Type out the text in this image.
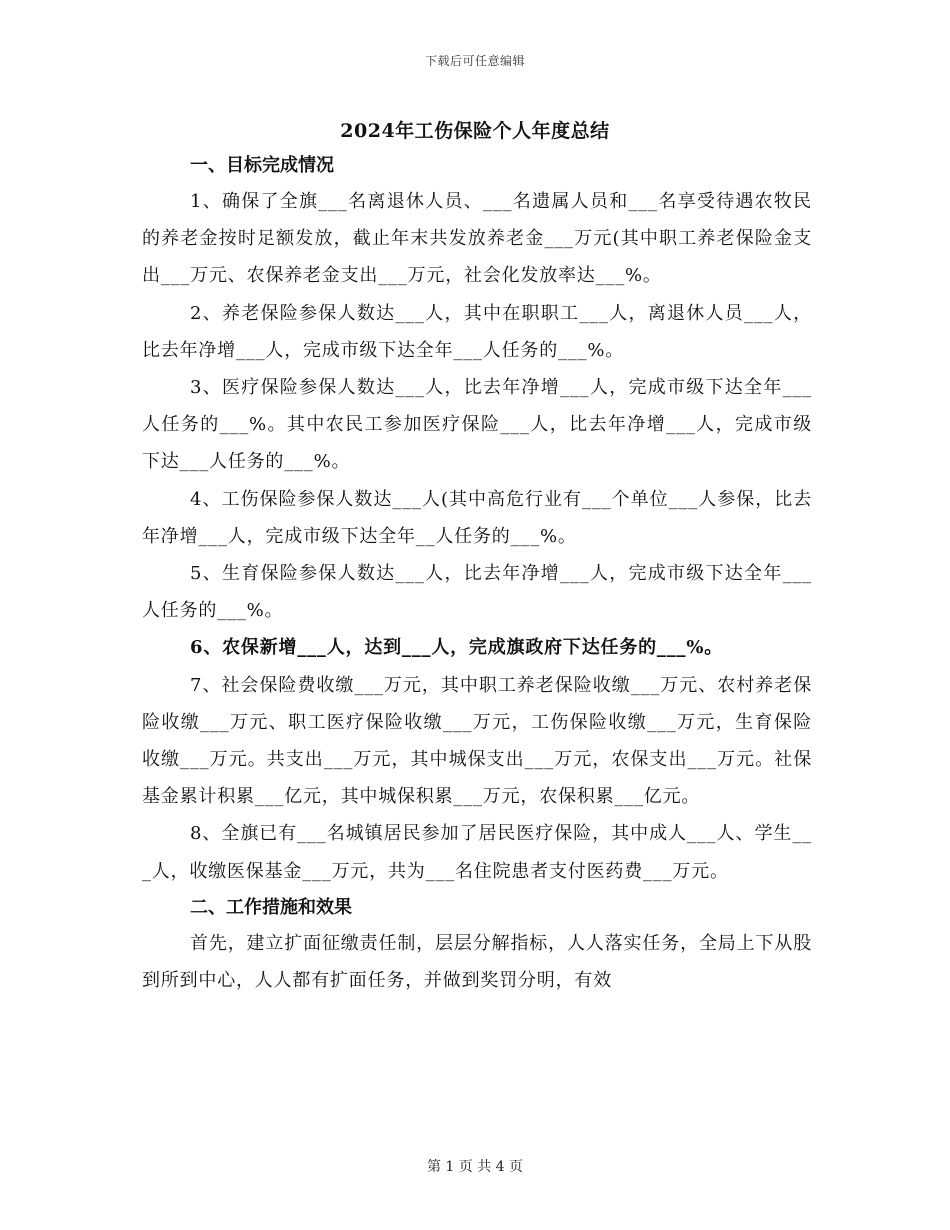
下载后可任意编辑
2024年工伤保险个人年度总结
一、目标完成情况

1、确保了全旗___名离退休人员、___名遗属人员和___名享受待遇农牧民的养老金按时足额发放，截止年末共发放养老金___万元(其中职工养老保险金支出___万元、农保养老金支出___万元，社会化发放率达___%。

2、养老保险参保人数达___人，其中在职职工___人，离退休人员___人，比去年净增___人，完成市级下达全年___人任务的___%。

3、医疗保险参保人数达___人，比去年净增___人，完成市级下达全年___人任务的___%。其中农民工参加医疗保险___人，比去年净增___人，完成市级下达___人任务的___%。

4、工伤保险参保人数达___人(其中高危行业有___个单位___人参保，比去年净增___人，完成市级下达全年__人任务的___%。

5、生育保险参保人数达___人，比去年净增___人，完成市级下达全年___人任务的___%。

6、农保新增___人，达到___人，完成旗政府下达任务的___%。

7、社会保险费收缴___万元，其中职工养老保险收缴___万元、农村养老保险收缴___万元、职工医疗保险收缴___万元，工伤保险收缴___万元，生育保险收缴___万元。共支出___万元，其中城保支出___万元，农保支出___万元。社保基金累计积累___亿元，其中城保积累___万元，农保积累___亿元。

8、全旗已有___名城镇居民参加了居民医疗保险，其中成人___人、学生___人，收缴医保基金___万元，共为___名住院患者支付医药费___万元。

二、工作措施和效果

首先，建立扩面征缴责任制，层层分解指标，人人落实任务，全局上下从股到所到中心，人人都有扩面任务，并做到奖罚分明，有效

第 1 页 共 4 页
